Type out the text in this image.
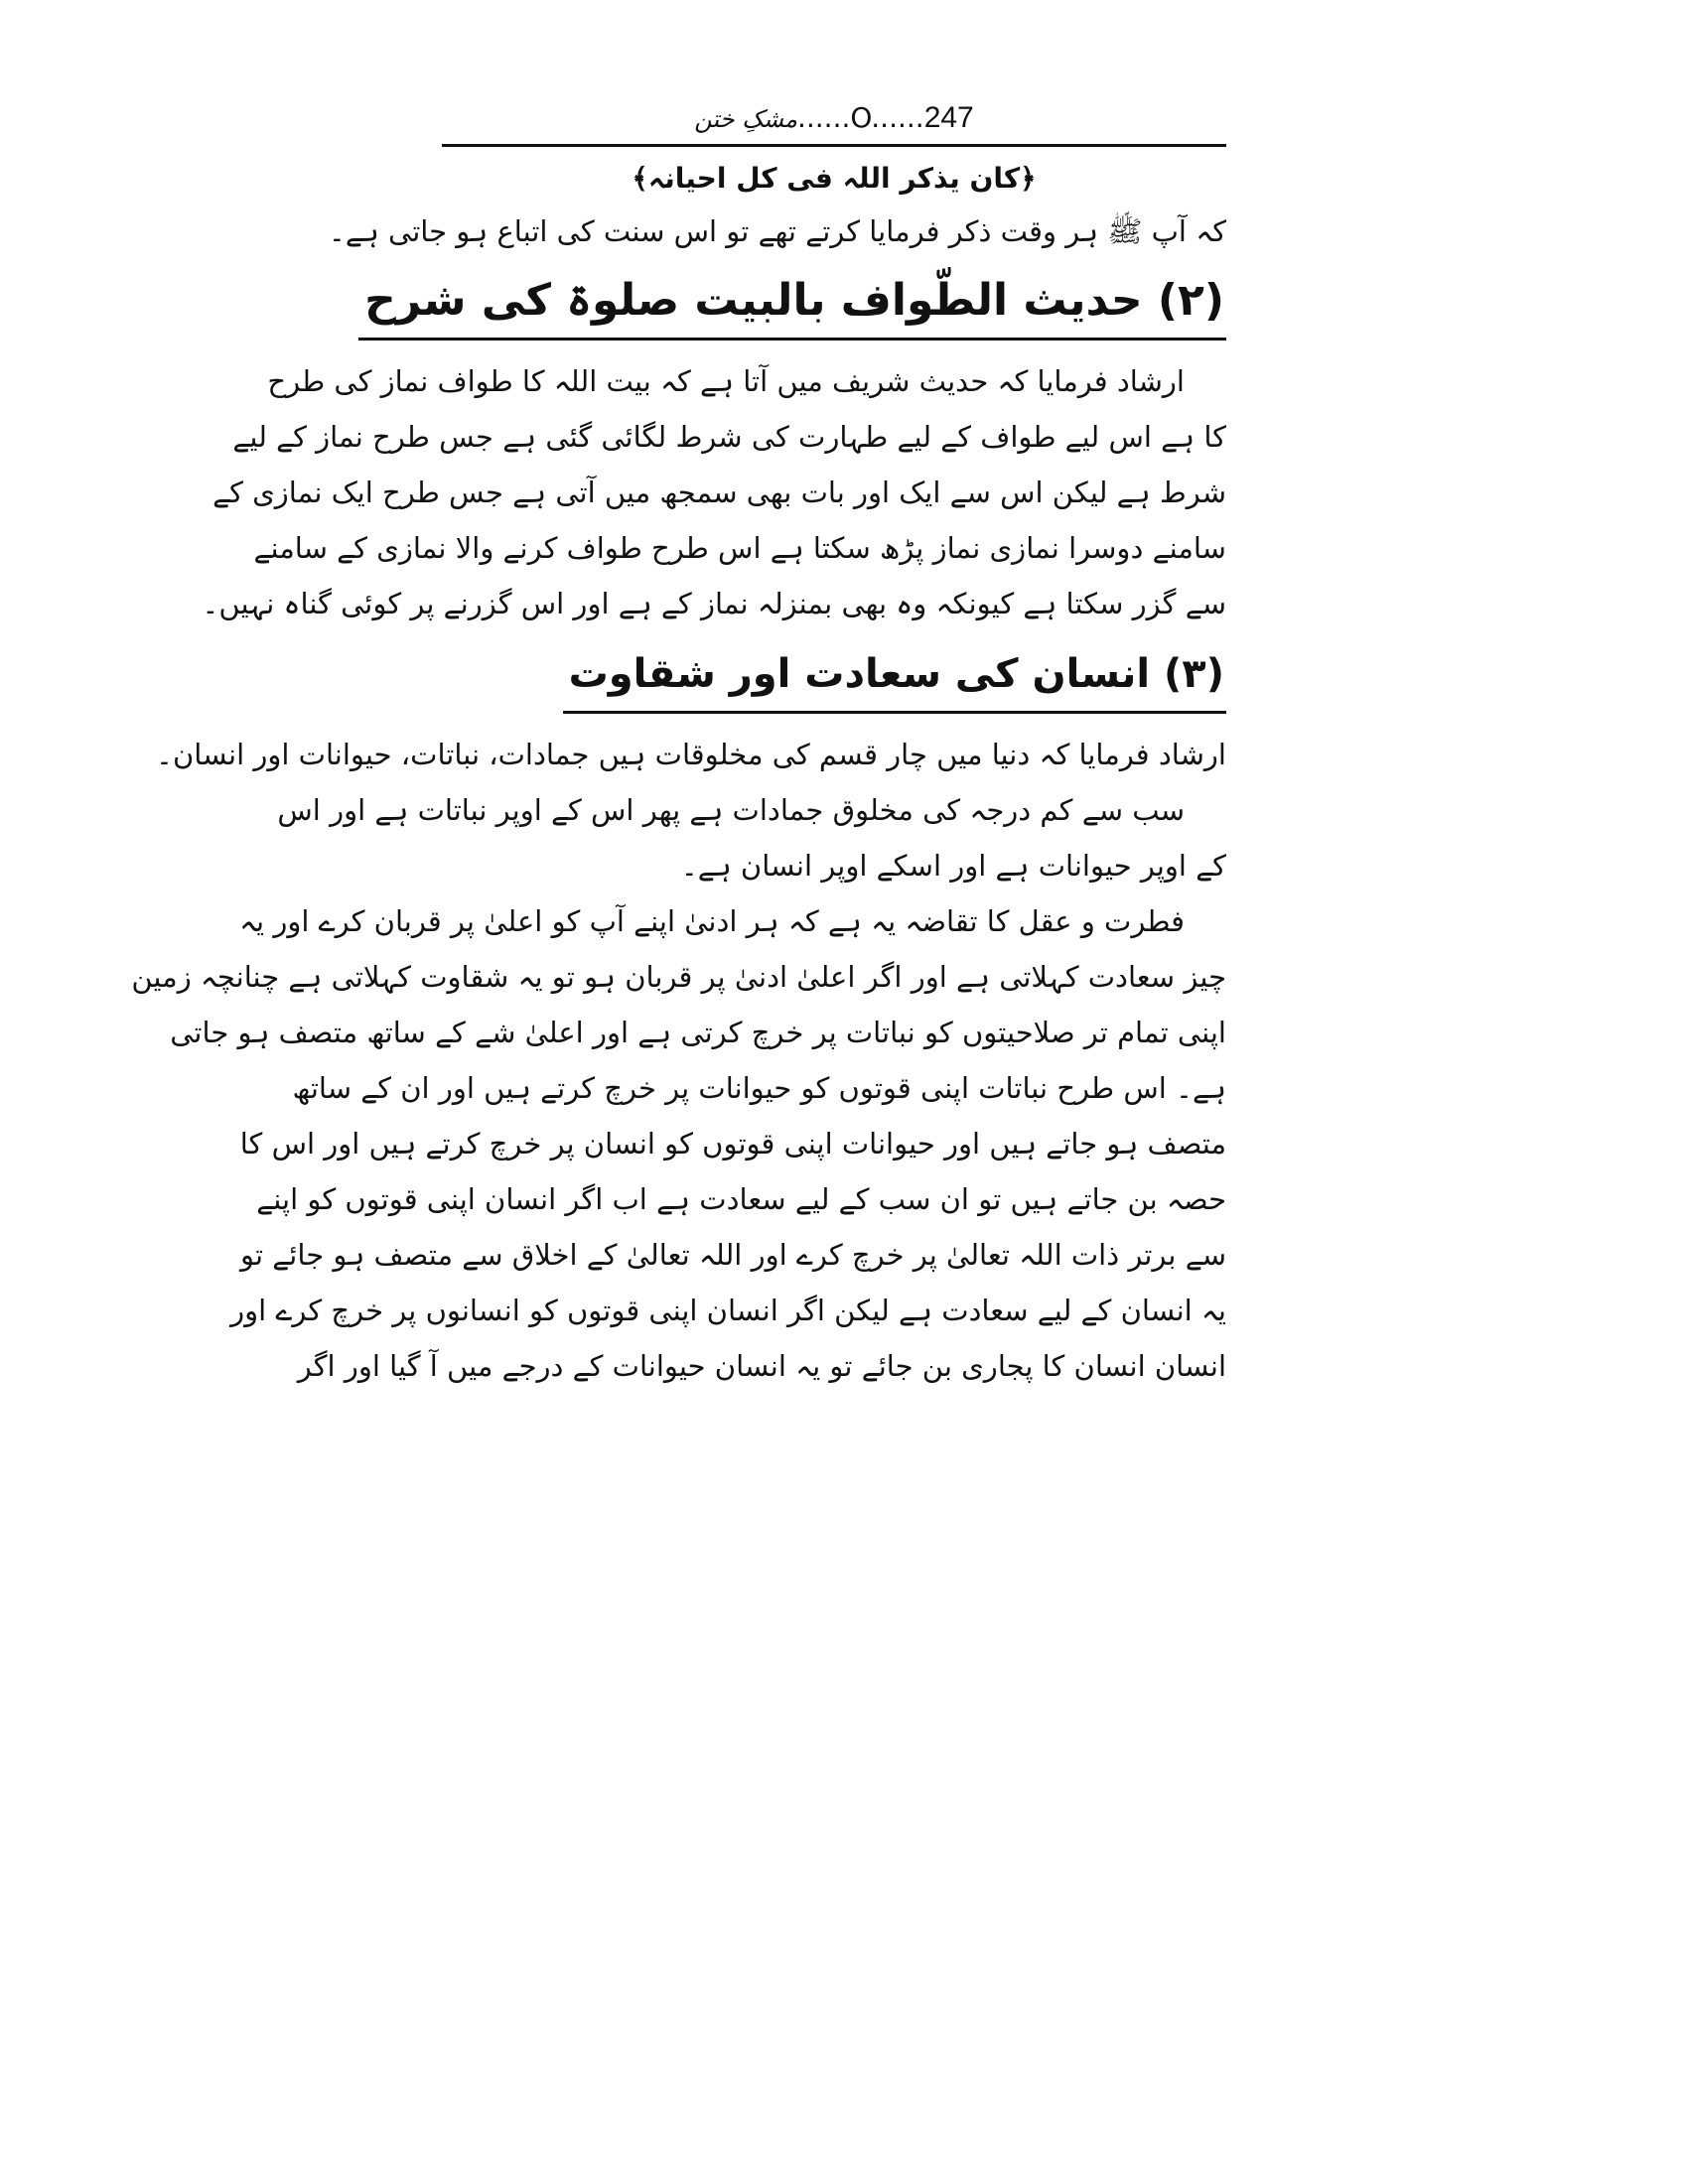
مشکِ ختن......O......247
﴿کان یذکر اللہ فی کل احیانہ﴾
کہ آپ ﷺ ہر وقت ذکر فرمایا کرتے تھے تو اس سنت کی اتباع ہو جاتی ہے۔
(۲) حدیث الطّواف بالبیت صلوۃ کی شرح
ارشاد فرمایا کہ حدیث شریف میں آتا ہے کہ بیت اللہ کا طواف نماز کی طرح
کا ہے اس لیے طواف کے لیے طہارت کی شرط لگائی گئی ہے جس طرح نماز کے لیے
شرط ہے لیکن اس سے ایک اور بات بھی سمجھ میں آتی ہے جس طرح ایک نمازی کے
سامنے دوسرا نمازی نماز پڑھ سکتا ہے اس طرح طواف کرنے والا نمازی کے سامنے
سے گزر سکتا ہے کیونکہ وہ بھی بمنزلہ نماز کے ہے اور اس گزرنے پر کوئی گناہ نہیں۔
(۳) انسان کی سعادت اور شقاوت
ارشاد فرمایا کہ دنیا میں چار قسم کی مخلوقات ہیں جمادات، نباتات، حیوانات اور انسان۔
سب سے کم درجہ کی مخلوق جمادات ہے پھر اس کے اوپر نباتات ہے اور اس
کے اوپر حیوانات ہے اور اسکے اوپر انسان ہے۔
فطرت و عقل کا تقاضہ یہ ہے کہ ہر ادنیٰ اپنے آپ کو اعلیٰ پر قربان کرے اور یہ
چیز سعادت کہلاتی ہے اور اگر اعلیٰ ادنیٰ پر قربان ہو تو یہ شقاوت کہلاتی ہے چنانچہ زمین
اپنی تمام تر صلاحیتوں کو نباتات پر خرچ کرتی ہے اور اعلیٰ شے کے ساتھ متصف ہو جاتی
ہے۔ اس طرح نباتات اپنی قوتوں کو حیوانات پر خرچ کرتے ہیں اور ان کے ساتھ
متصف ہو جاتے ہیں اور حیوانات اپنی قوتوں کو انسان پر خرچ کرتے ہیں اور اس کا
حصہ بن جاتے ہیں تو ان سب کے لیے سعادت ہے اب اگر انسان اپنی قوتوں کو اپنے
سے برتر ذات اللہ تعالیٰ پر خرچ کرے اور اللہ تعالیٰ کے اخلاق سے متصف ہو جائے تو
یہ انسان کے لیے سعادت ہے لیکن اگر انسان اپنی قوتوں کو انسانوں پر خرچ کرے اور
انسان انسان کا پجاری بن جائے تو یہ انسان حیوانات کے درجے میں آ گیا اور اگر
